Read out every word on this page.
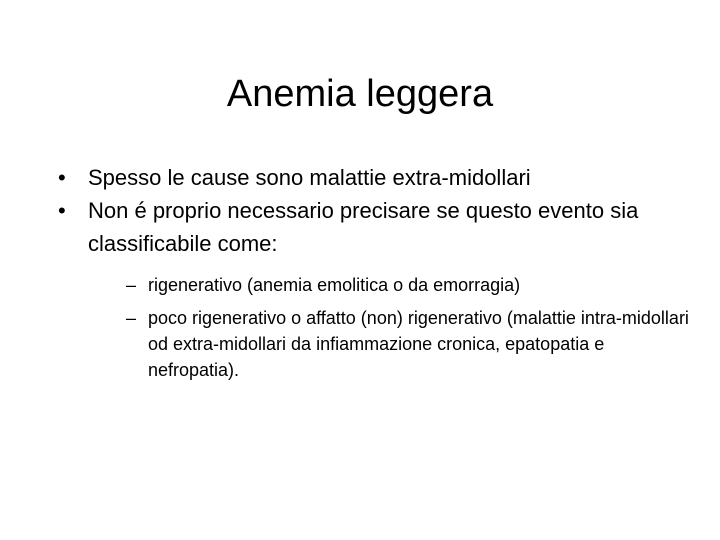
Anemia leggera
•	Spesso le cause sono malattie extra-midollari
•	Non é proprio necessario precisare se questo evento sia classificabile come:
– rigenerativo (anemia emolitica o da emorragia)
– poco rigenerativo o affatto (non) rigenerativo (malattie intra-midollari od extra-midollari da infiammazione cronica, epatopatia e nefropatia).
